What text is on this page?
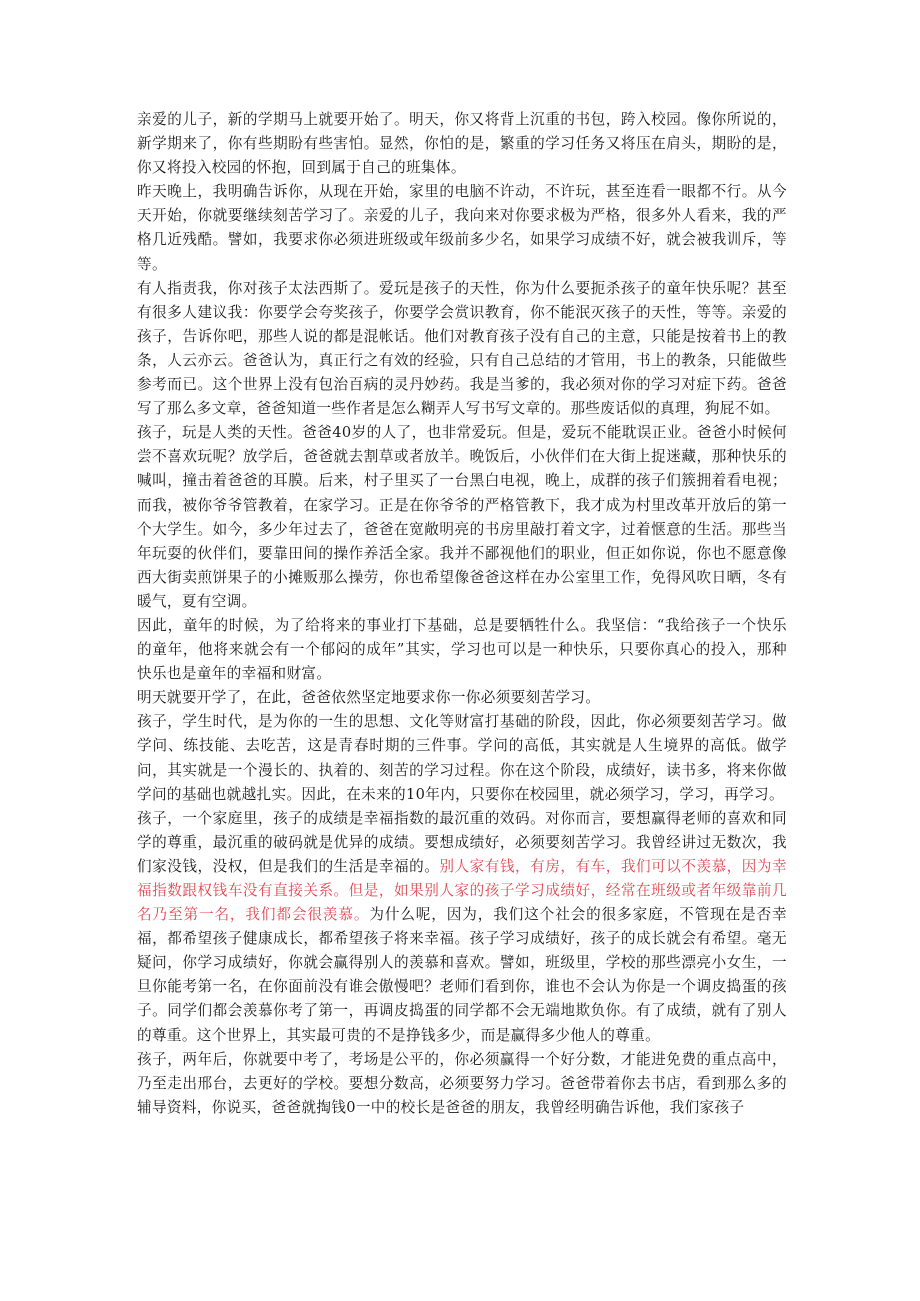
亲爱的儿子，新的学期马上就要开始了。明天，你又将背上沉重的书包，跨入校园。像你所说的，新学期来了，你有些期盼有些害怕。显然，你怕的是，繁重的学习任务又将压在肩头，期盼的是，你又将投入校园的怀抱，回到属于自己的班集体。

昨天晚上，我明确告诉你，从现在开始，家里的电脑不许动，不许玩，甚至连看一眼都不行。从今天开始，你就要继续刻苦学习了。亲爱的儿子，我向来对你要求极为严格，很多外人看来，我的严格几近残酷。譬如，我要求你必须进班级或年级前多少名，如果学习成绩不好，就会被我训斥，等等。

有人指责我，你对孩子太法西斯了。爱玩是孩子的天性，你为什么要扼杀孩子的童年快乐呢？甚至有很多人建议我：你要学会夸奖孩子，你要学会赏识教育，你不能泯灭孩子的天性，等等。亲爱的孩子，告诉你吧，那些人说的都是混帐话。他们对教育孩子没有自己的主意，只能是按着书上的教条，人云亦云。爸爸认为，真正行之有效的经验，只有自己总结的才管用，书上的教条，只能做些参考而已。这个世界上没有包治百病的灵丹妙药。我是当爹的，我必须对你的学习对症下药。爸爸写了那么多文章，爸爸知道一些作者是怎么糊弄人写书写文章的。那些废话似的真理，狗屁不如。

孩子，玩是人类的天性。爸爸40岁的人了，也非常爱玩。但是，爱玩不能耽误正业。爸爸小时候何尝不喜欢玩呢？放学后，爸爸就去割草或者放羊。晚饭后，小伙伴们在大街上捉迷藏，那种快乐的喊叫，撞击着爸爸的耳膜。后来，村子里买了一台黑白电视，晚上，成群的孩子们簇拥着看电视；而我，被你爷爷管教着，在家学习。正是在你爷爷的严格管教下，我才成为村里改革开放后的第一个大学生。如今，多少年过去了，爸爸在宽敞明亮的书房里敲打着文字，过着惬意的生活。那些当年玩耍的伙伴们，要靠田间的操作养活全家。我并不鄙视他们的职业，但正如你说，你也不愿意像西大街卖煎饼果子的小摊贩那么操劳，你也希望像爸爸这样在办公室里工作，免得风吹日晒，冬有暖气，夏有空调。

因此，童年的时候，为了给将来的事业打下基础，总是要牺牲什么。我坚信：“我给孩子一个快乐的童年，他将来就会有一个郁闷的成年”其实，学习也可以是一种快乐，只要你真心的投入，那种快乐也是童年的幸福和财富。

明天就要开学了，在此，爸爸依然坚定地要求你一你必须要刻苦学习。

孩子，学生时代，是为你的一生的思想、文化等财富打基础的阶段，因此，你必须要刻苦学习。做学问、练技能、去吃苦，这是青春时期的三件事。学问的高低，其实就是人生境界的高低。做学问，其实就是一个漫长的、执着的、刻苦的学习过程。你在这个阶段，成绩好，读书多，将来你做学问的基础也就越扎实。因此，在未来的10年内，只要你在校园里，就必须学习，学习，再学习。

孩子，一个家庭里，孩子的成绩是幸福指数的最沉重的效码。对你而言，要想赢得老师的喜欢和同学的尊重，最沉重的破码就是优异的成绩。要想成绩好，必须要刻苦学习。我曾经讲过无数次，我们家没钱，没权，但是我们的生活是幸福的。别人家有钱，有房，有车，我们可以不羡慕，因为幸福指数跟权钱车没有直接关系。但是，如果别人家的孩子学习成绩好，经常在班级或者年级靠前几名乃至第一名，我们都会很羡慕。为什么呢，因为，我们这个社会的很多家庭，不管现在是否幸福，都希望孩子健康成长，都希望孩子将来幸福。孩子学习成绩好，孩子的成长就会有希望。毫无疑问，你学习成绩好，你就会赢得别人的羡慕和喜欢。譬如，班级里，学校的那些漂亮小女生，一旦你能考第一名，在你面前没有谁会傲慢吧？老师们看到你，谁也不会认为你是一个调皮捣蛋的孩子。同学们都会羡慕你考了第一，再调皮捣蛋的同学都不会无端地欺负你。有了成绩，就有了别人的尊重。这个世界上，其实最可贵的不是挣钱多少，而是赢得多少他人的尊重。

孩子，两年后，你就要中考了，考场是公平的，你必须赢得一个好分数，才能进免费的重点高中，乃至走出邢台，去更好的学校。要想分数高，必须要努力学习。爸爸带着你去书店，看到那么多的辅导资料，你说买，爸爸就掏钱0一中的校长是爸爸的朋友，我曾经明确告诉他，我们家孩子
